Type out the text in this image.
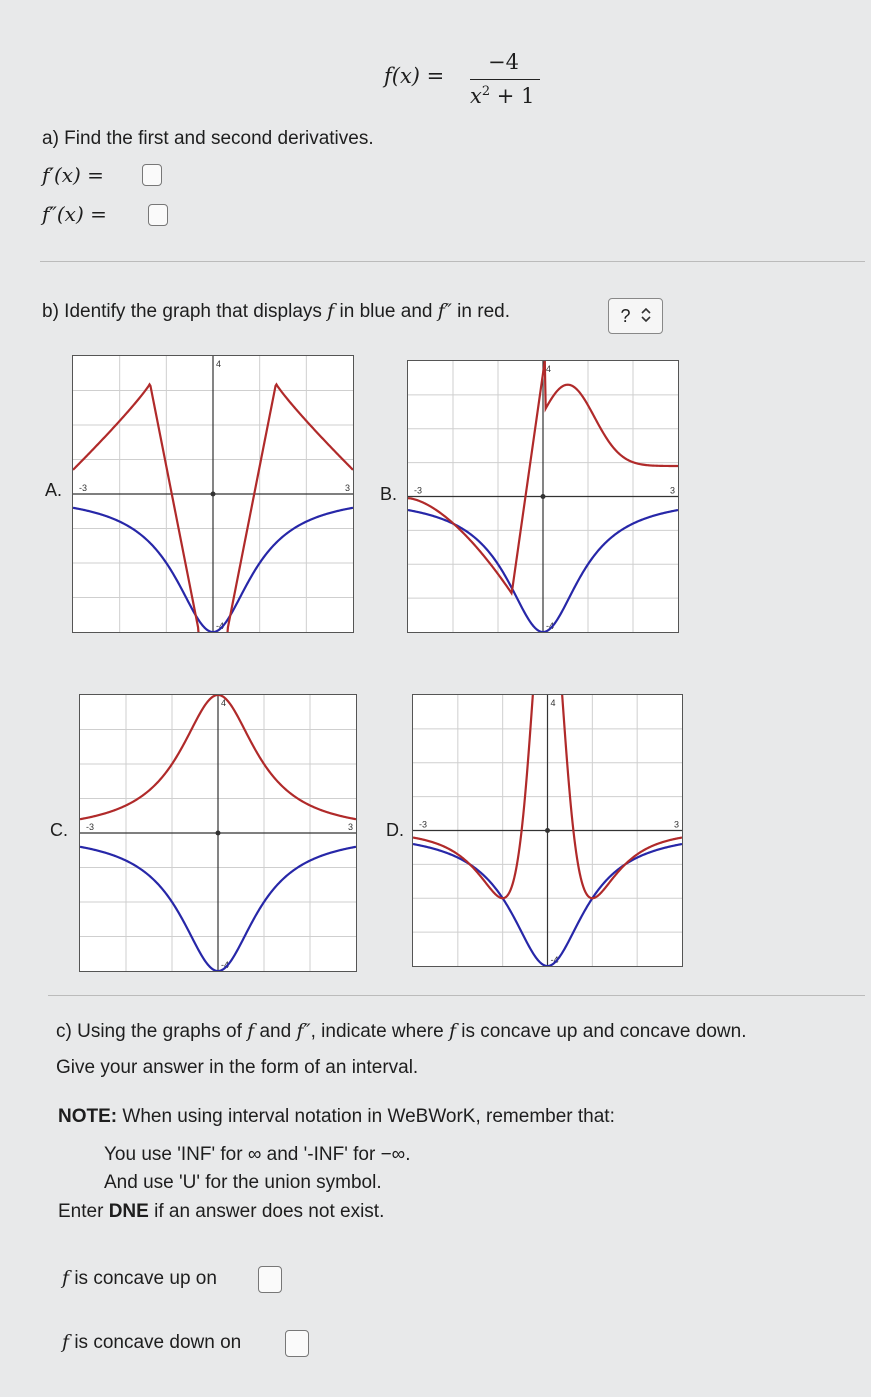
f(x) =
−4
$x^2 + 1$
a) Find the first and second derivatives.
f′(x) =
f″(x) =
b) Identify the graph that displays f in blue and f″ in red.	?
A.	B.
C.	D.
-3	3
4
-4
-3	3
4
-4
-3	3
4
-4
-3	3
4
-4
c) Using the graphs of f and f″, indicate where f is concave up and concave down.
Give your answer in the form of an interval.
NOTE: When using interval notation in WeBWorK, remember that:
You use 'INF' for ∞ and '-INF' for −∞.
And use 'U' for the union symbol.
Enter DNE if an answer does not exist.
f is concave up on
f is concave down on
